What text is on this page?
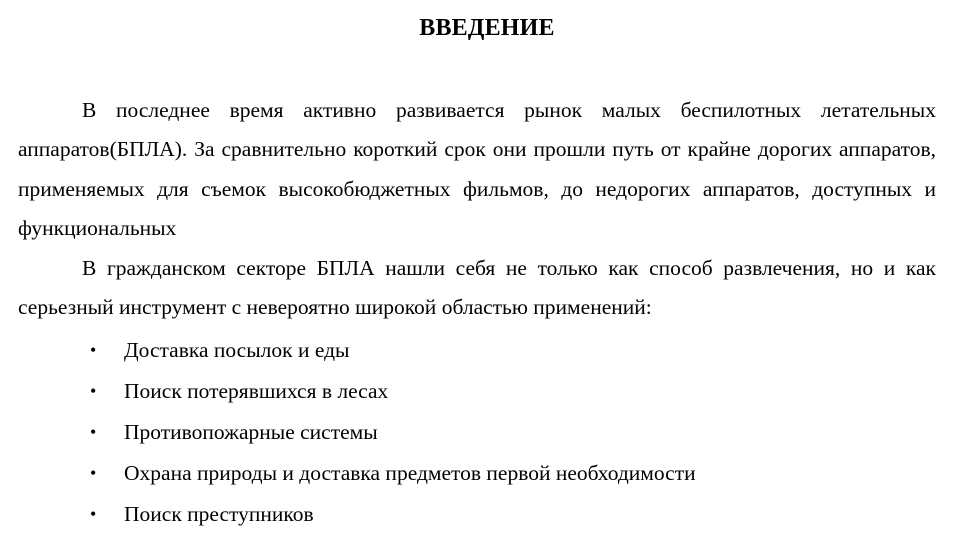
ВВЕДЕНИЕ

В последнее время активно развивается рынок малых беспилотных летательных аппаратов(БПЛА). За сравнительно короткий срок они прошли путь от крайне дорогих аппаратов, применяемых для съемок высокобюджетных фильмов, до недорогих аппаратов, доступных и функциональных

В гражданском секторе БПЛА нашли себя не только как способ развлечения, но и как серьезный инструмент с невероятно широкой областью применений:

• Доставка посылок и еды
• Поиск потерявшихся в лесах
• Противопожарные системы
• Охрана природы и доставка предметов первой необходимости
• Поиск преступников
